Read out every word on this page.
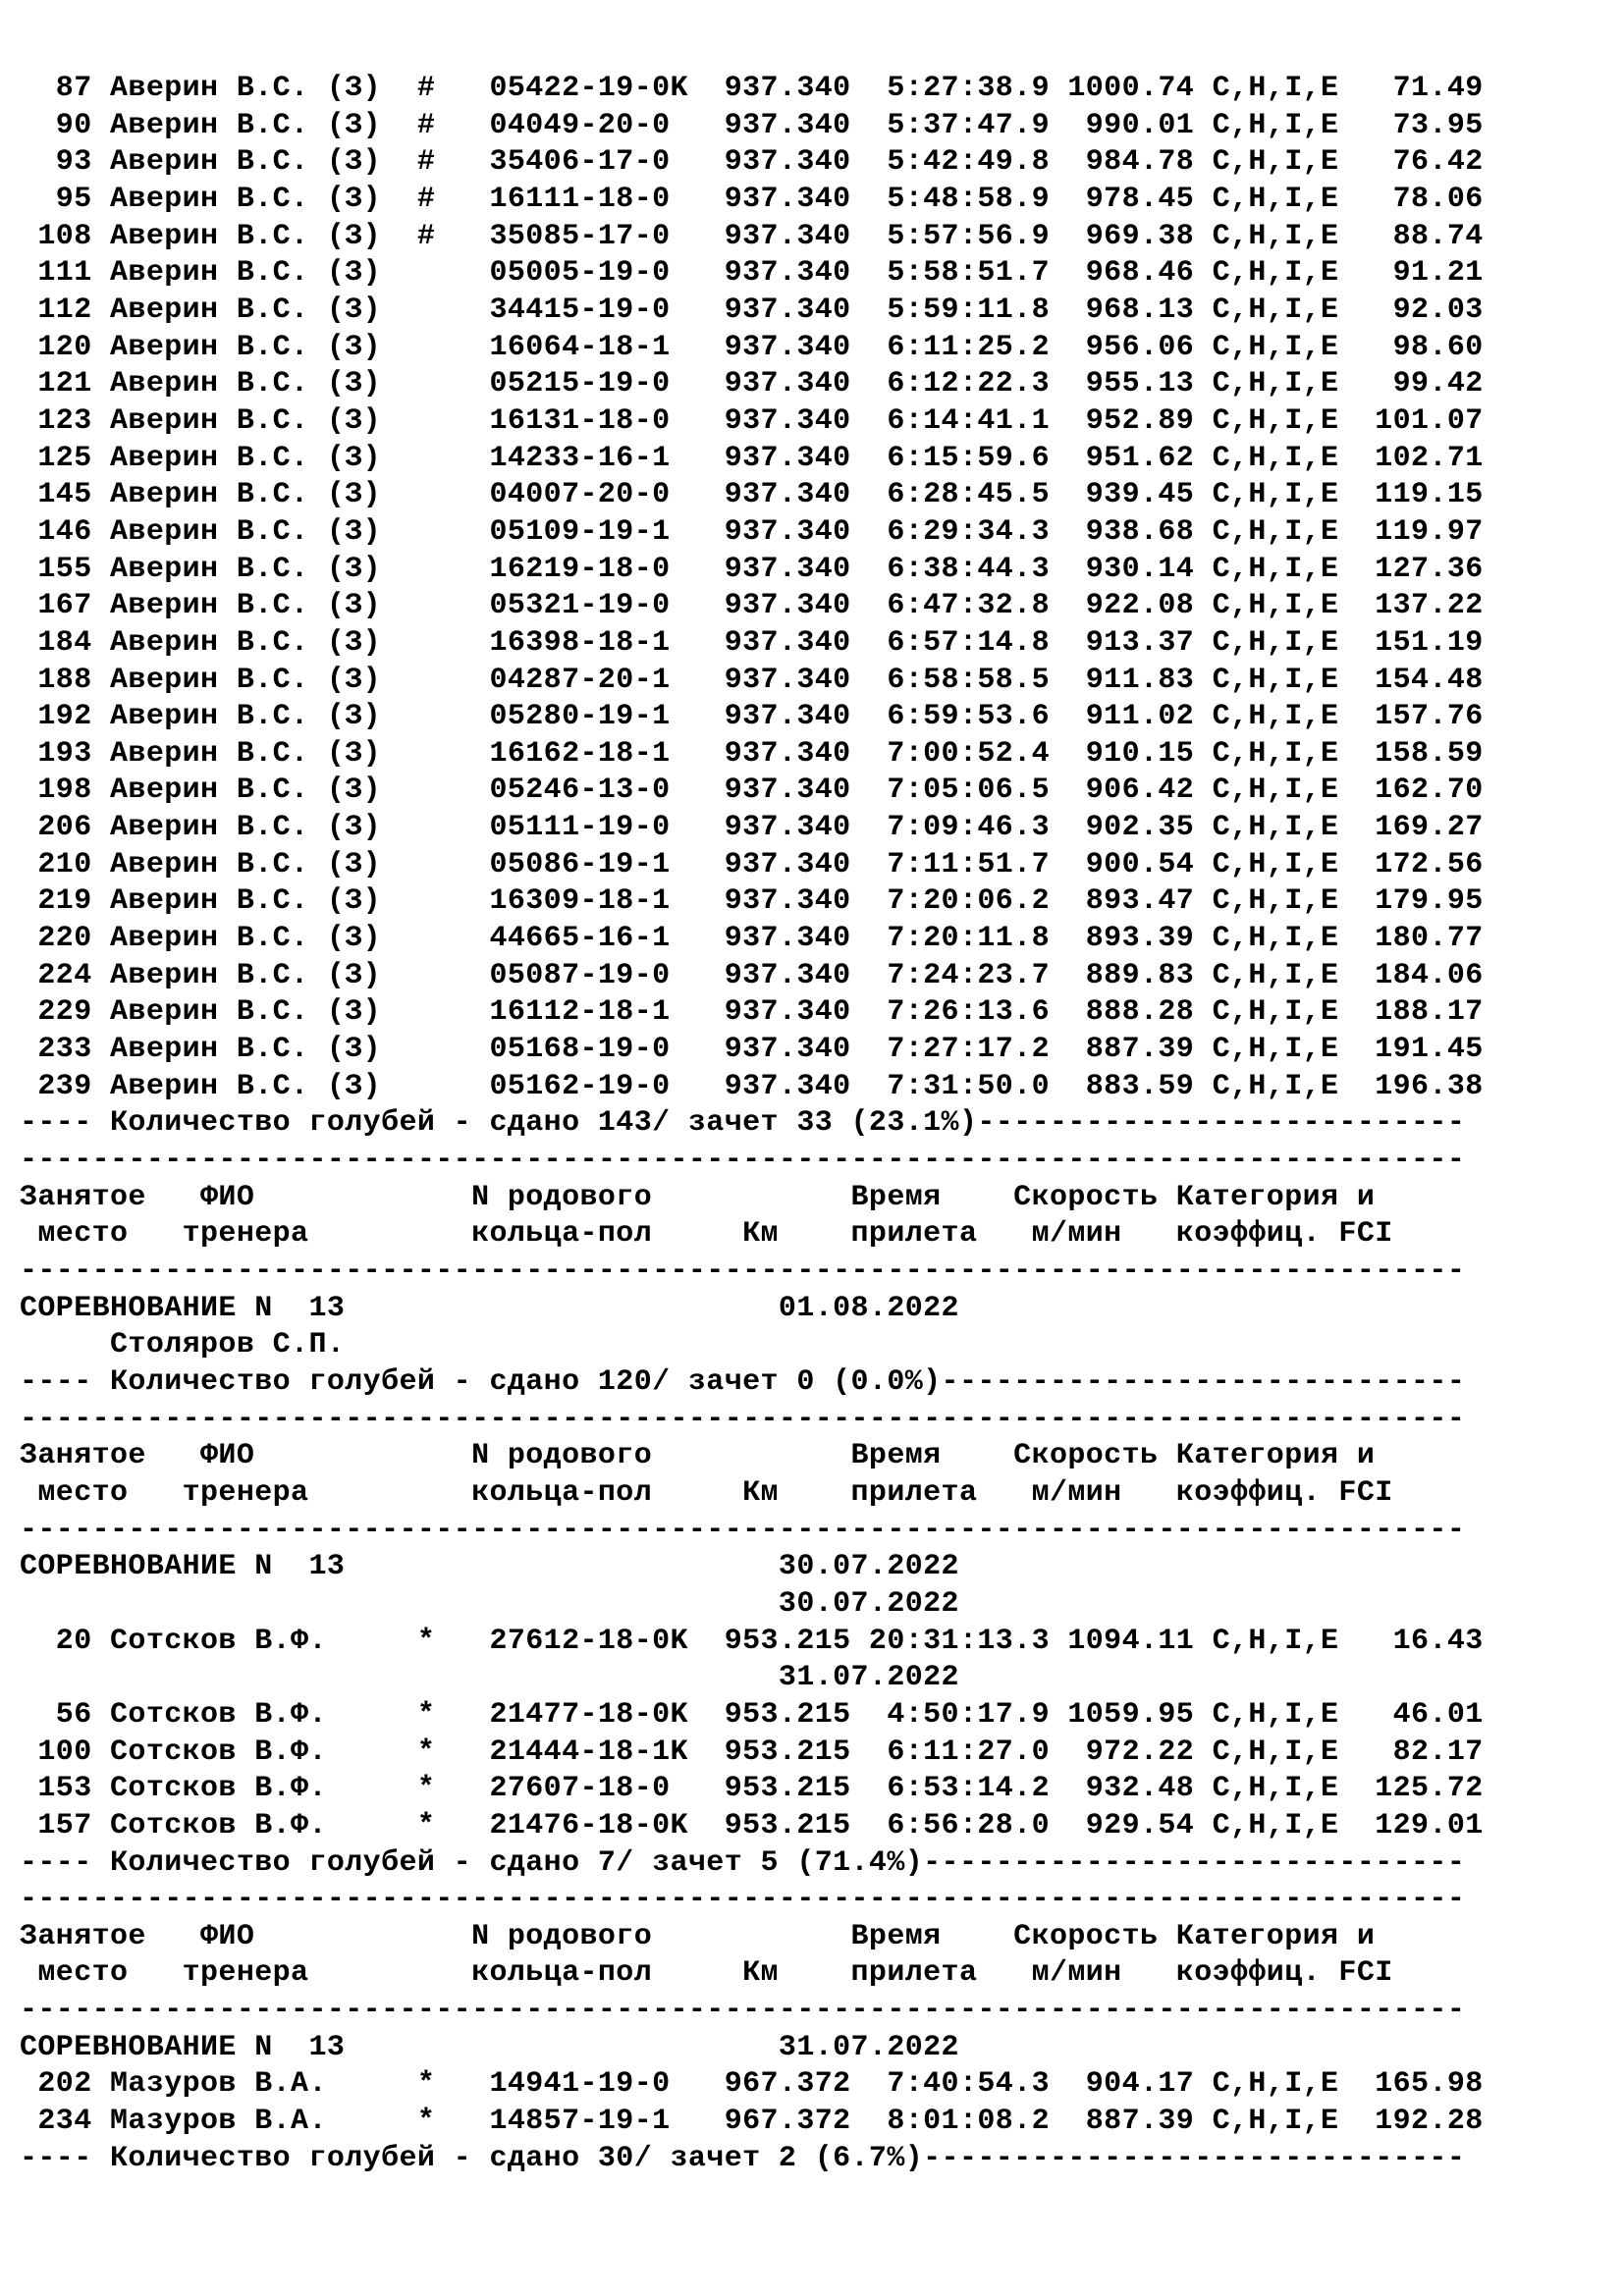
87 Аверин В.С. (З)  #   05422-19-0K  937.340  5:27:38.9 1000.74 C,H,I,E   71.49
90 Аверин В.С. (З)  #   04049-20-0   937.340  5:37:47.9  990.01 C,H,I,E   73.95
93 Аверин В.С. (З)  #   35406-17-0   937.340  5:42:49.8  984.78 C,H,I,E   76.42
95 Аверин В.С. (З)  #   16111-18-0   937.340  5:48:58.9  978.45 C,H,I,E   78.06
108 Аверин В.С. (З)  #   35085-17-0   937.340  5:57:56.9  969.38 C,H,I,E   88.74
111 Аверин В.С. (З)      05005-19-0   937.340  5:58:51.7  968.46 C,H,I,E   91.21
112 Аверин В.С. (З)      34415-19-0   937.340  5:59:11.8  968.13 C,H,I,E   92.03
120 Аверин В.С. (З)      16064-18-1   937.340  6:11:25.2  956.06 C,H,I,E   98.60
121 Аверин В.С. (З)      05215-19-0   937.340  6:12:22.3  955.13 C,H,I,E   99.42
123 Аверин В.С. (З)      16131-18-0   937.340  6:14:41.1  952.89 C,H,I,E  101.07
125 Аверин В.С. (З)      14233-16-1   937.340  6:15:59.6  951.62 C,H,I,E  102.71
145 Аверин В.С. (З)      04007-20-0   937.340  6:28:45.5  939.45 C,H,I,E  119.15
146 Аверин В.С. (З)      05109-19-1   937.340  6:29:34.3  938.68 C,H,I,E  119.97
155 Аверин В.С. (З)      16219-18-0   937.340  6:38:44.3  930.14 C,H,I,E  127.36
167 Аверин В.С. (З)      05321-19-0   937.340  6:47:32.8  922.08 C,H,I,E  137.22
184 Аверин В.С. (З)      16398-18-1   937.340  6:57:14.8  913.37 C,H,I,E  151.19
188 Аверин В.С. (З)      04287-20-1   937.340  6:58:58.5  911.83 C,H,I,E  154.48
192 Аверин В.С. (З)      05280-19-1   937.340  6:59:53.6  911.02 C,H,I,E  157.76
193 Аверин В.С. (З)      16162-18-1   937.340  7:00:52.4  910.15 C,H,I,E  158.59
198 Аверин В.С. (З)      05246-13-0   937.340  7:05:06.5  906.42 C,H,I,E  162.70
206 Аверин В.С. (З)      05111-19-0   937.340  7:09:46.3  902.35 C,H,I,E  169.27
210 Аверин В.С. (З)      05086-19-1   937.340  7:11:51.7  900.54 C,H,I,E  172.56
219 Аверин В.С. (З)      16309-18-1   937.340  7:20:06.2  893.47 C,H,I,E  179.95
220 Аверин В.С. (З)      44665-16-1   937.340  7:20:11.8  893.39 C,H,I,E  180.77
224 Аверин В.С. (З)      05087-19-0   937.340  7:24:23.7  889.83 C,H,I,E  184.06
229 Аверин В.С. (З)      16112-18-1   937.340  7:26:13.6  888.28 C,H,I,E  188.17
233 Аверин В.С. (З)      05168-19-0   937.340  7:27:17.2  887.39 C,H,I,E  191.45
239 Аверин В.С. (З)      05162-19-0   937.340  7:31:50.0  883.59 C,H,I,E  196.38
---- Количество голубей - сдано 143/ зачет 33 (23.1%)---------------------------
--------------------------------------------------------------------------------
Занятое   ФИО            N родового           Время    Скорость Категория и
место   тренера         кольца-пол     Км    прилета   м/мин   коэффиц. FCI
--------------------------------------------------------------------------------
СОРЕВНОВАНИЕ N  13                        01.08.2022
Столяров С.П.
---- Количество голубей - сдано 120/ зачет 0 (0.0%)-----------------------------
--------------------------------------------------------------------------------
Занятое   ФИО            N родового           Время    Скорость Категория и
место   тренера         кольца-пол     Км    прилета   м/мин   коэффиц. FCI
--------------------------------------------------------------------------------
СОРЕВНОВАНИЕ N  13                        30.07.2022
30.07.2022
20 Сотсков В.Ф.     *   27612-18-0K  953.215 20:31:13.3 1094.11 C,H,I,E   16.43
31.07.2022
56 Сотсков В.Ф.     *   21477-18-0K  953.215  4:50:17.9 1059.95 C,H,I,E   46.01
100 Сотсков В.Ф.     *   21444-18-1K  953.215  6:11:27.0  972.22 C,H,I,E   82.17
153 Сотсков В.Ф.     *   27607-18-0   953.215  6:53:14.2  932.48 C,H,I,E  125.72
157 Сотсков В.Ф.     *   21476-18-0K  953.215  6:56:28.0  929.54 C,H,I,E  129.01
---- Количество голубей - сдано 7/ зачет 5 (71.4%)------------------------------
--------------------------------------------------------------------------------
Занятое   ФИО            N родового           Время    Скорость Категория и
место   тренера         кольца-пол     Км    прилета   м/мин   коэффиц. FCI
--------------------------------------------------------------------------------
СОРЕВНОВАНИЕ N  13                        31.07.2022
202 Мазуров В.А.     *   14941-19-0   967.372  7:40:54.3  904.17 C,H,I,E  165.98
234 Мазуров В.А.     *   14857-19-1   967.372  8:01:08.2  887.39 C,H,I,E  192.28
---- Количество голубей - сдано 30/ зачет 2 (6.7%)------------------------------
